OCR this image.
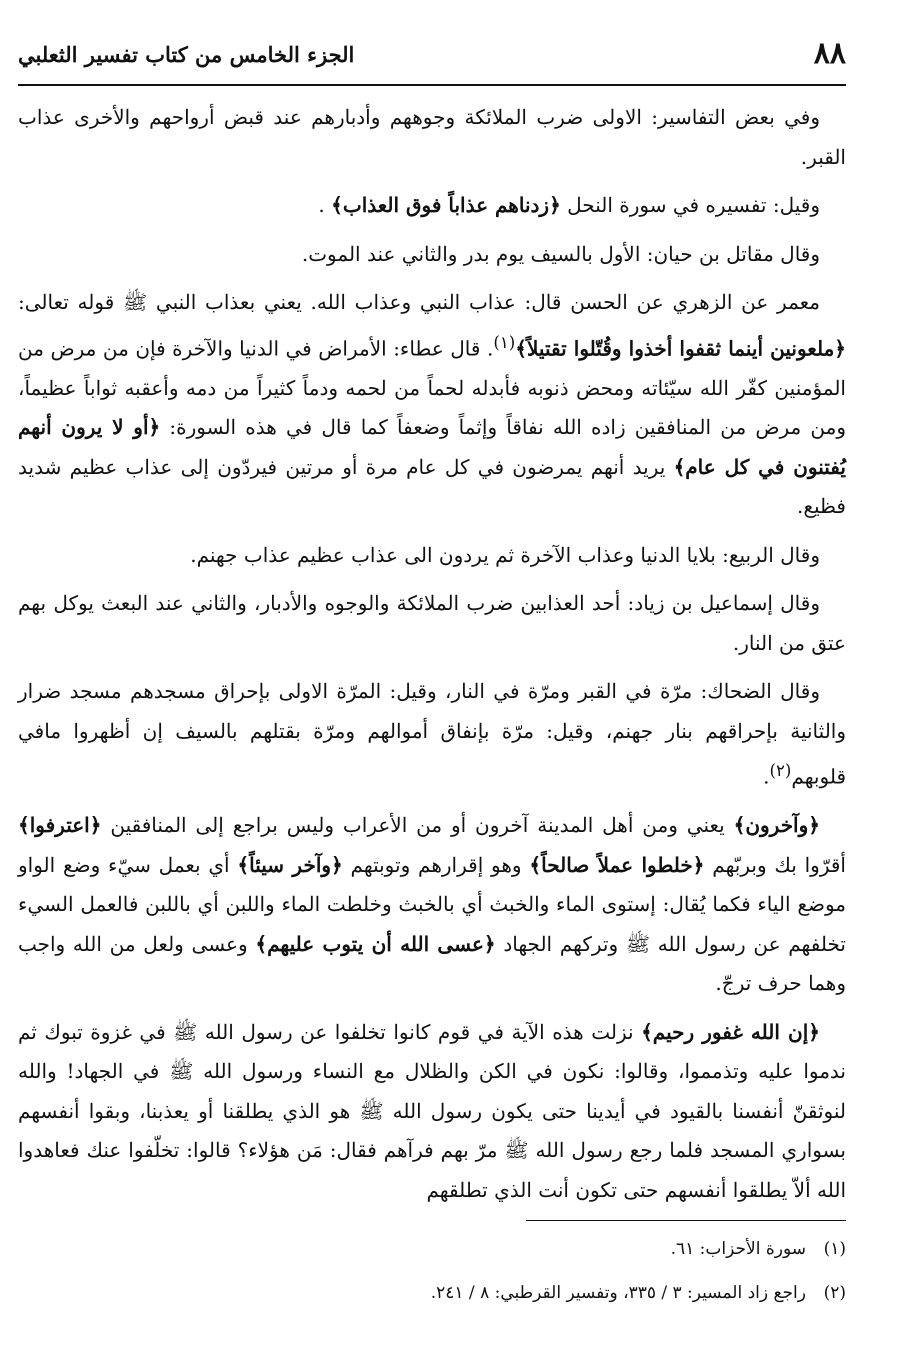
٨٨
الجزء الخامس من كتاب تفسير الثعلبي

وفي بعض التفاسير: الاولى ضرب الملائكة وجوههم وأدبارهم عند قبض أرواحهم والأخرى عذاب القبر.

وقيل: تفسيره في سورة النحل ﴿زدناهم عذاباً فوق العذاب﴾ .

وقال مقاتل بن حيان: الأول بالسيف يوم بدر والثاني عند الموت.

معمر عن الزهري عن الحسن قال: عذاب النبي وعذاب الله. يعني بعذاب النبي ﷺ قوله تعالى: ﴿ملعونين أينما ثقفوا أخذوا وقُتّلوا تقتيلاً﴾$^{(١)}$. قال عطاء: الأمراض في الدنيا والآخرة فإن من مرض من المؤمنين كفّر الله سيّئاته ومحض ذنوبه فأبدله لحماً من لحمه ودماً كثيراً من دمه وأعقبه ثواباً عظيماً، ومن مرض من المنافقين زاده الله نفاقاً وإثماً وضعفاً كما قال في هذه السورة: ﴿أو لا يرون أنهم يُفتنون في كل عام﴾ يريد أنهم يمرضون في كل عام مرة أو مرتين فيردّون إلى عذاب عظيم شديد فظيع.

وقال الربيع: بلايا الدنيا وعذاب الآخرة ثم يردون الى عذاب عظيم عذاب جهنم.

وقال إسماعيل بن زياد: أحد العذابين ضرب الملائكة والوجوه والأدبار، والثاني عند البعث يوكل بهم عتق من النار.

وقال الضحاك: مرّة في القبر ومرّة في النار، وقيل: المرّة الاولى بإحراق مسجدهم مسجد ضرار والثانية بإحراقهم بنار جهنم، وقيل: مرّة بإنفاق أموالهم ومرّة بقتلهم بالسيف إن أظهروا مافي قلوبهم$^{(٢)}$.

﴿وآخرون﴾ يعني ومن أهل المدينة آخرون أو من الأعراب وليس براجع إلى المنافقين ﴿اعترفوا﴾ أقرّوا بك وبربّهم ﴿خلطوا عملاً صالحاً﴾ وهو إقرارهم وتوبتهم ﴿وآخر سيئاً﴾ أي بعمل سيّء وضع الواو موضع الياء فكما يُقال: إستوى الماء والخبث أي بالخبث وخلطت الماء واللبن أي باللبن فالعمل السيء تخلفهم عن رسول الله ﷺ وتركهم الجهاد ﴿عسى الله أن يتوب عليهم﴾ وعسى ولعل من الله واجب وهما حرف ترجّ.

﴿إن الله غفور رحيم﴾ نزلت هذه الآية في قوم كانوا تخلفوا عن رسول الله ﷺ في غزوة تبوك ثم ندموا عليه وتذمموا، وقالوا: نكون في الكن والظلال مع النساء ورسول الله ﷺ في الجهاد! والله لنوثقنّ أنفسنا بالقيود في أيدينا حتى يكون رسول الله ﷺ هو الذي يطلقنا أو يعذبنا، وبقوا أنفسهم بسواري المسجد فلما رجع رسول الله ﷺ مرّ بهم فرآهم فقال: مَن هؤلاء؟ قالوا: تخلّفوا عنك فعاهدوا الله ألاّ يطلقوا أنفسهم حتى تكون أنت الذي تطلقهم

(١)سورة الأحزاب: ٦١.
(٢)راجع زاد المسير: ٣ / ٣٣٥، وتفسير القرطبي: ٨ / ٢٤١.
